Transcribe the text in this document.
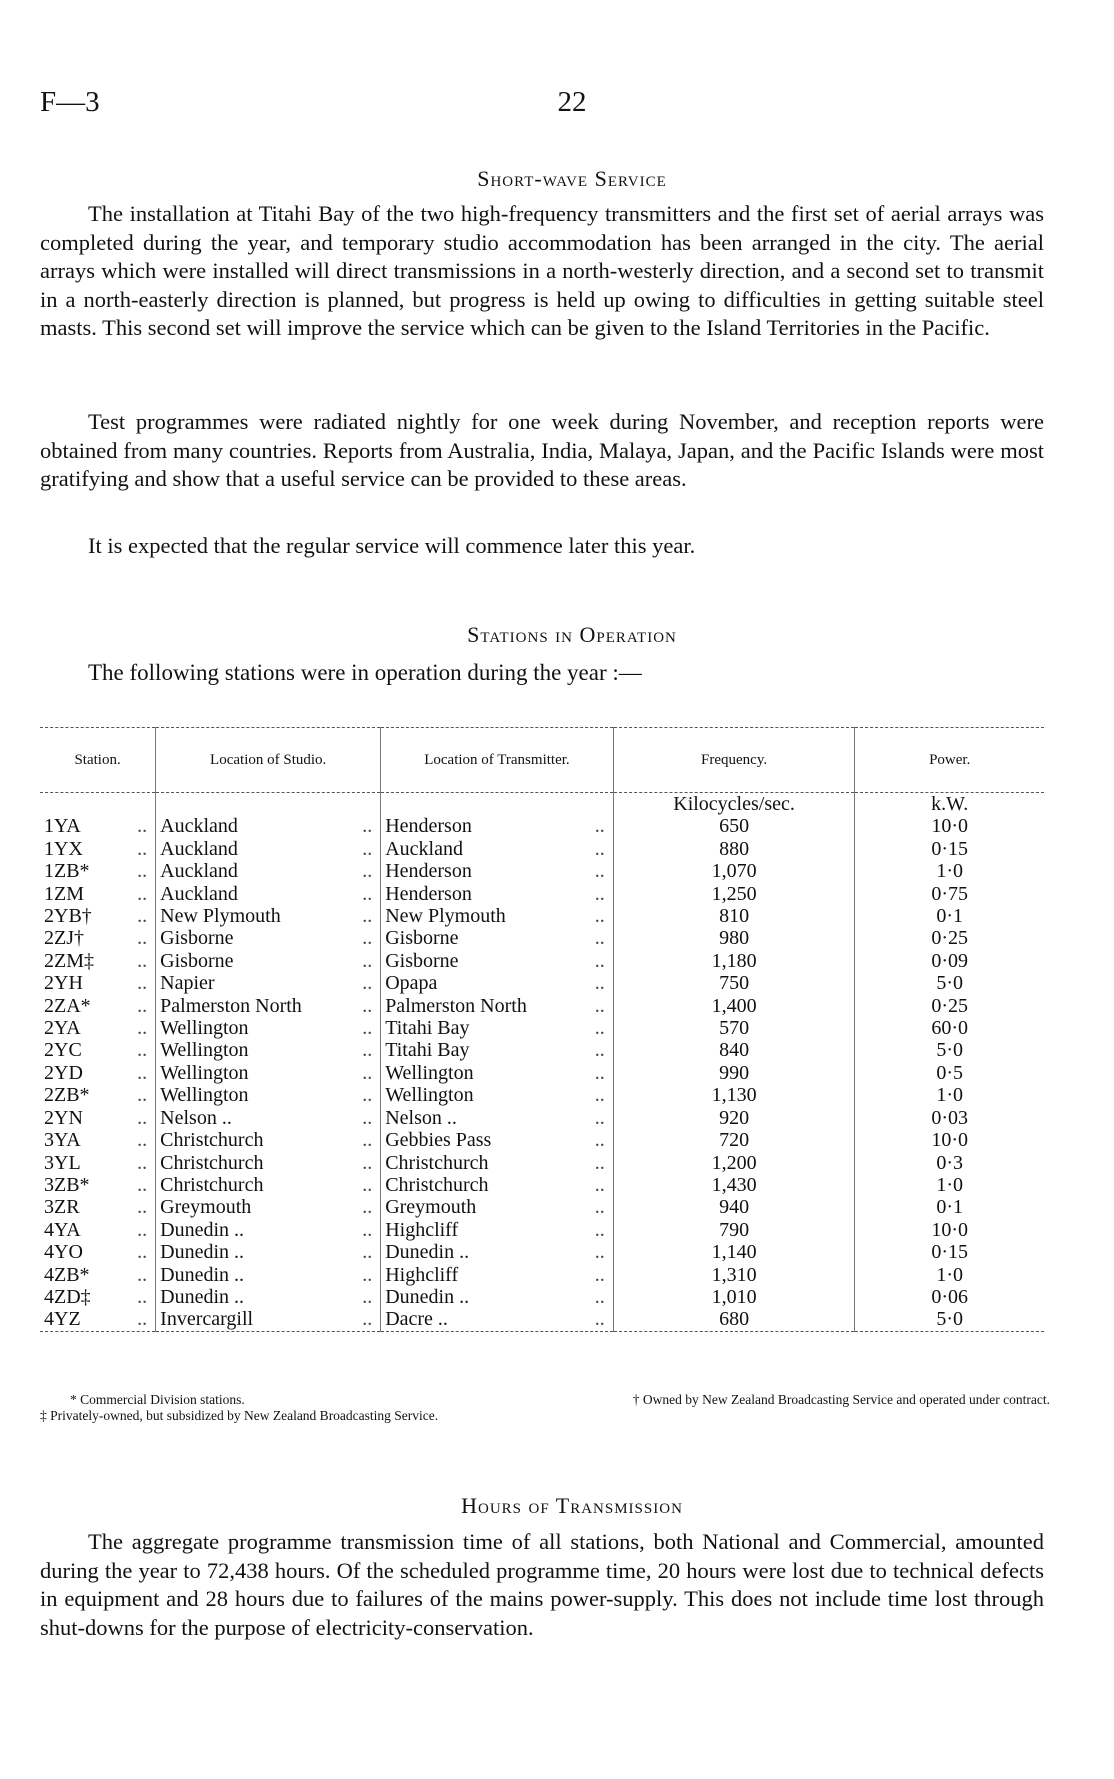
F—3	22
Short-wave Service

The installation at Titahi Bay of the two high-frequency transmitters and the first set of aerial arrays was completed during the year, and temporary studio accommodation has been arranged in the city. The aerial arrays which were installed will direct transmissions in a north-westerly direction, and a second set to transmit in a north-easterly direction is planned, but progress is held up owing to difficulties in getting suitable steel masts. This second set will improve the service which can be given to the Island Territories in the Pacific.

Test programmes were radiated nightly for one week during November, and reception reports were obtained from many countries. Reports from Australia, India, Malaya, Japan, and the Pacific Islands were most gratifying and show that a useful service can be provided to these areas.

It is expected that the regular service will commence later this year.

Stations in Operation
The following stations were in operation during the year :—
Station.	Location of Studio.	Location of Transmitter.	Frequency.	Power.
			Kilocycles/sec.	k.W.

1YA ..	Auckland ..	Henderson ..	650	10·0

1YX ..	Auckland ..	Auckland ..	880	0·15

1ZB* ..	Auckland ..	Henderson ..	1,070	1·0

1ZM ..	Auckland ..	Henderson ..	1,250	0·75

2YB† ..	New Plymouth ..	New Plymouth ..	810	0·1

2ZJ† ..	Gisborne ..	Gisborne ..	980	0·25

2ZM‡ ..	Gisborne ..	Gisborne ..	1,180	0·09

2YH ..	Napier ..	Opapa ..	750	5·0

2ZA* ..	Palmerston North ..	Palmerston North ..	1,400	0·25

2YA ..	Wellington ..	Titahi Bay ..	570	60·0

2YC ..	Wellington ..	Titahi Bay ..	840	5·0

2YD ..	Wellington ..	Wellington ..	990	0·5

2ZB* ..	Wellington ..	Wellington ..	1,130	1·0

2YN ..	Nelson .. ..	Nelson .. ..	920	0·03

3YA ..	Christchurch ..	Gebbies Pass ..	720	10·0

3YL ..	Christchurch ..	Christchurch ..	1,200	0·3

3ZB* ..	Christchurch ..	Christchurch ..	1,430	1·0

3ZR ..	Greymouth ..	Greymouth ..	940	0·1

4YA ..	Dunedin .. ..	Highcliff ..	790	10·0

4YO ..	Dunedin .. ..	Dunedin .. ..	1,140	0·15

4ZB* ..	Dunedin .. ..	Highcliff ..	1,310	1·0

4ZD‡ ..	Dunedin .. ..	Dunedin .. ..	1,010	0·06

4YZ ..	Invercargill ..	Dacre .. ..	680	5·0
* Commercial Division stations.	† Owned by New Zealand Broadcasting Service and operated under contract.
‡ Privately-owned, but subsidized by New Zealand Broadcasting Service.
Hours of Transmission

The aggregate programme transmission time of all stations, both National and Commercial, amounted during the year to 72,438 hours. Of the scheduled programme time, 20 hours were lost due to technical defects in equipment and 28 hours due to failures of the mains power-supply. This does not include time lost through shut-downs for the purpose of electricity-conservation.
